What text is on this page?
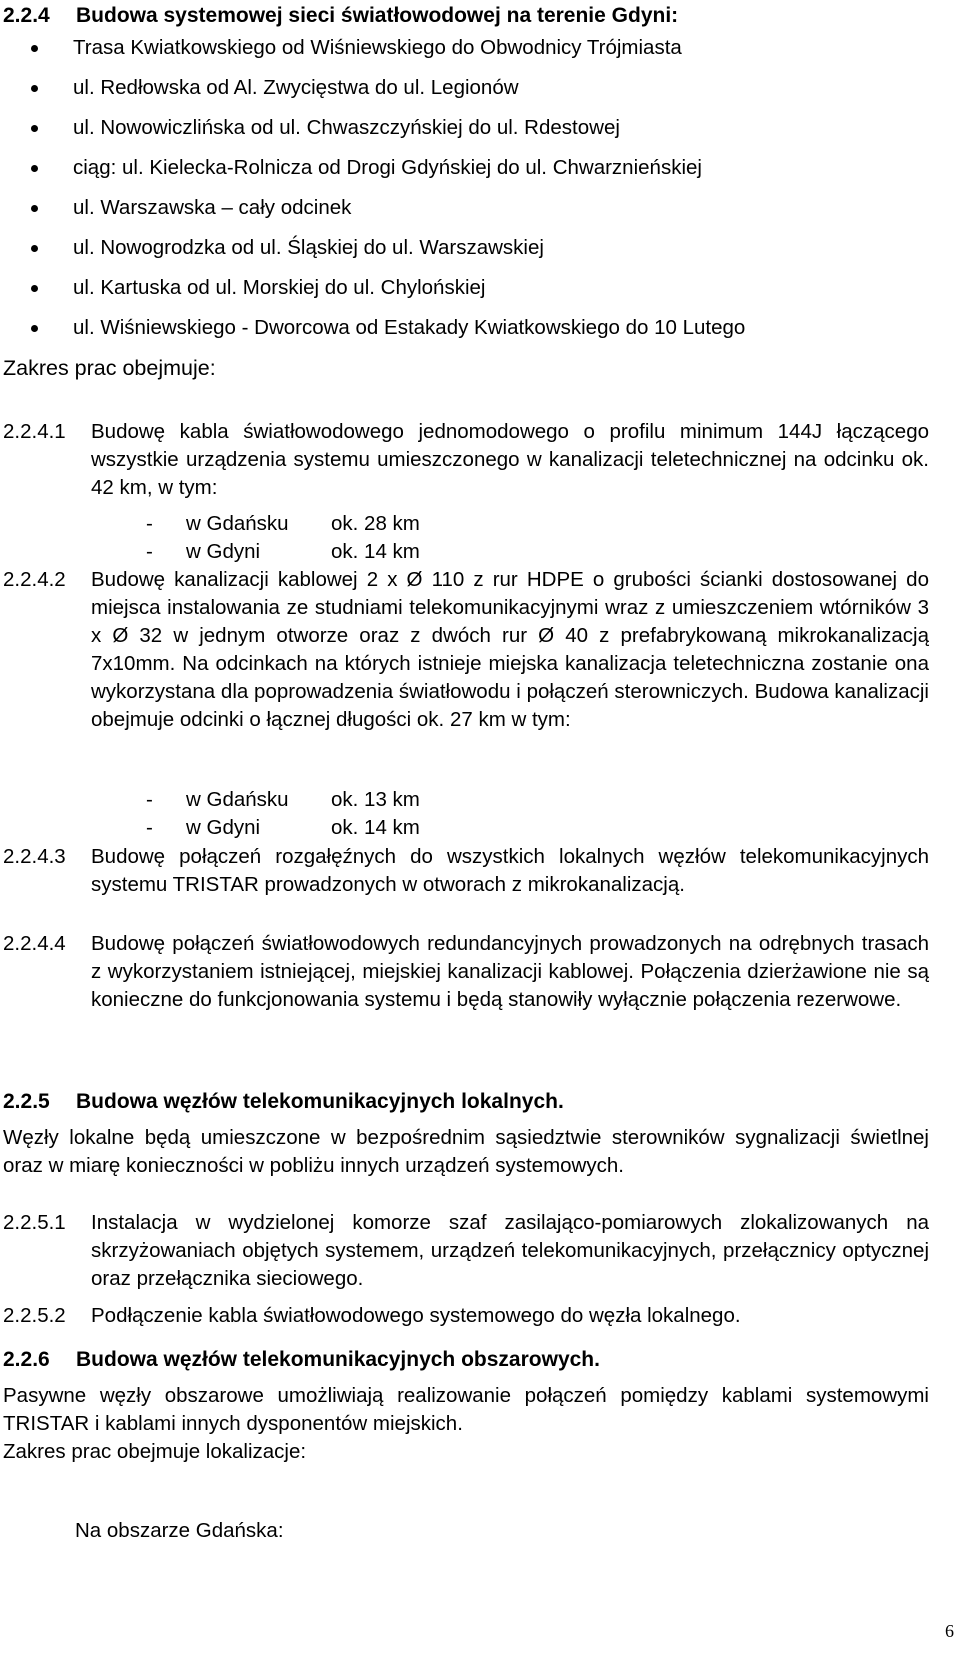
2.2.4 Budowa systemowej sieci światłowodowej na terenie Gdyni:
Trasa Kwiatkowskiego od Wiśniewskiego do Obwodnicy Trójmiasta
ul. Redłowska od Al. Zwycięstwa do ul. Legionów
ul. Nowowiczlińska od ul. Chwaszczyńskiej do ul. Rdestowej
ciąg: ul. Kielecka-Rolnicza od Drogi Gdyńskiej do ul. Chwarznieńskiej
ul. Warszawska – cały odcinek
ul. Nowogrodzka od ul. Śląskiej do ul. Warszawskiej
ul. Kartuska od ul. Morskiej do ul. Chylońskiej
ul. Wiśniewskiego - Dworcowa od Estakady Kwiatkowskiego do 10 Lutego
Zakres prac obejmuje:
2.2.4.1 Budowę kabla światłowodowego jednomodowego o profilu minimum 144J łączącego wszystkie urządzenia systemu umieszczonego w kanalizacji teletechnicznej na odcinku ok. 42 km, w tym:
- w Gdańsku ok. 28 km
- w Gdyni	ok. 14 km
2.2.4.2 Budowę kanalizacji kablowej 2 x Ø 110 z rur HDPE o grubości ścianki dostosowanej do miejsca instalowania ze studniami telekomunikacyjnymi wraz z umieszczeniem wtórników 3 x Ø 32 w jednym otworze oraz z dwóch rur Ø 40 z prefabrykowaną mikrokanalizacją 7x10mm. Na odcinkach na których istnieje miejska kanalizacja teletechniczna zostanie ona wykorzystana dla poprowadzenia światłowodu i połączeń sterowniczych. Budowa kanalizacji obejmuje odcinki o łącznej długości ok. 27 km w tym:
- w Gdańsku ok. 13 km
- w Gdyni	ok. 14 km
2.2.4.3 Budowę połączeń rozgałęźnych do wszystkich lokalnych węzłów telekomunikacyjnych systemu TRISTAR prowadzonych w otworach z mikrokanalizacją.
2.2.4.4 Budowę połączeń światłowodowych redundancyjnych prowadzonych na odrębnych trasach z wykorzystaniem istniejącej, miejskiej kanalizacji kablowej. Połączenia dzierżawione nie są konieczne do funkcjonowania systemu i będą stanowiły wyłącznie połączenia rezerwowe.
2.2.5 Budowa węzłów telekomunikacyjnych lokalnych.
Węzły lokalne będą umieszczone w bezpośrednim sąsiedztwie sterowników sygnalizacji świetlnej oraz w miarę konieczności w pobliżu innych urządzeń systemowych.
2.2.5.1 Instalacja w wydzielonej komorze szaf zasilająco-pomiarowych zlokalizowanych na skrzyżowaniach objętych systemem, urządzeń telekomunikacyjnych, przełącznicy optycznej oraz przełącznika sieciowego.
2.2.5.2 Podłączenie kabla światłowodowego systemowego do węzła lokalnego.
2.2.6 Budowa węzłów telekomunikacyjnych obszarowych.
Pasywne węzły obszarowe umożliwiają realizowanie połączeń pomiędzy kablami systemowymi TRISTAR i kablami innych dysponentów miejskich.
Zakres prac obejmuje lokalizacje:
Na obszarze Gdańska:
6
